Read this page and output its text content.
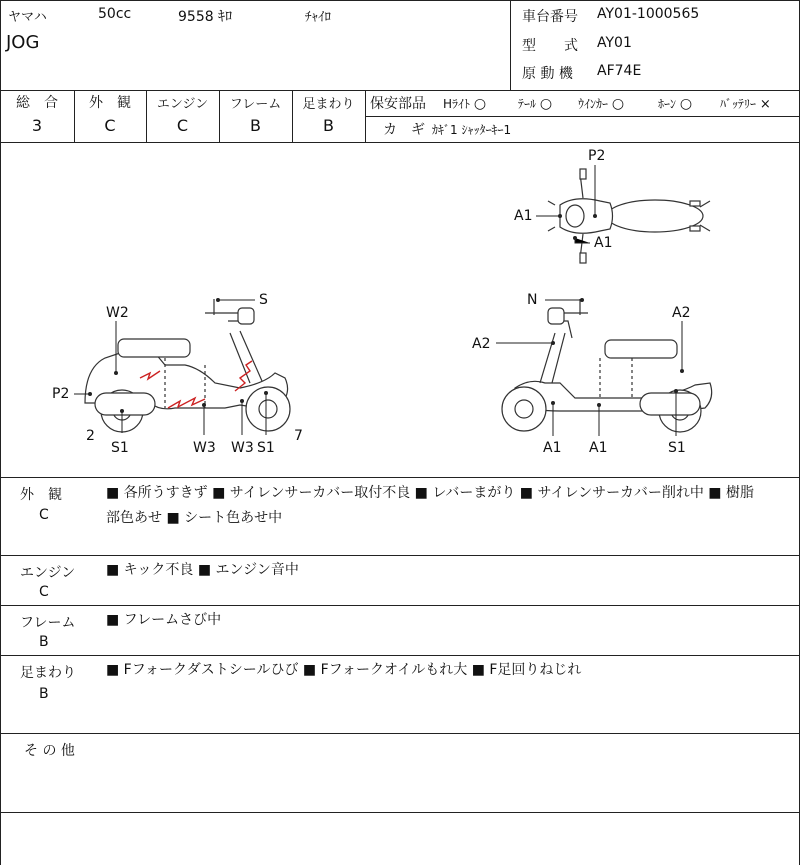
ヤマハ	50cc	9558 ｷﾛ	ﾁｬｲﾛ
JOG
車台番号 AY01-1000565
型　　式 AY01
原 動 機 AF74E
総　合
3
外　観
C
エンジン
C
フレーム
B
足まわり
B
保安部品 Hﾗｲﾄ ○	ﾃｰﾙ ○ ｳｲﾝｶｰ ○	ﾎｰﾝ ○ ﾊﾞｯﾃﾘｰ ×
カ　ギ ｶｷﾞ1 ｼｬｯﾀｰｷｰ1
P2
A1
A1
W2
S
P2
2
S1	W3 W3 S1
7
N
A2
A2
A1 A1	S1
外　観
C
■ 各所うすきず ■ サイレンサーカバー取付不良 ■ レバーまがり ■ サイレンサーカバー削れ中 ■ 樹脂
部色あせ ■ シート色あせ中
エンジン
C
■ キック不良 ■ エンジン音中
フレーム
B
■ フレームさび中
足まわり
B
■ Fフォークダストシールひび ■ Fフォークオイルもれ大 ■ F足回りねじれ
そ の 他
